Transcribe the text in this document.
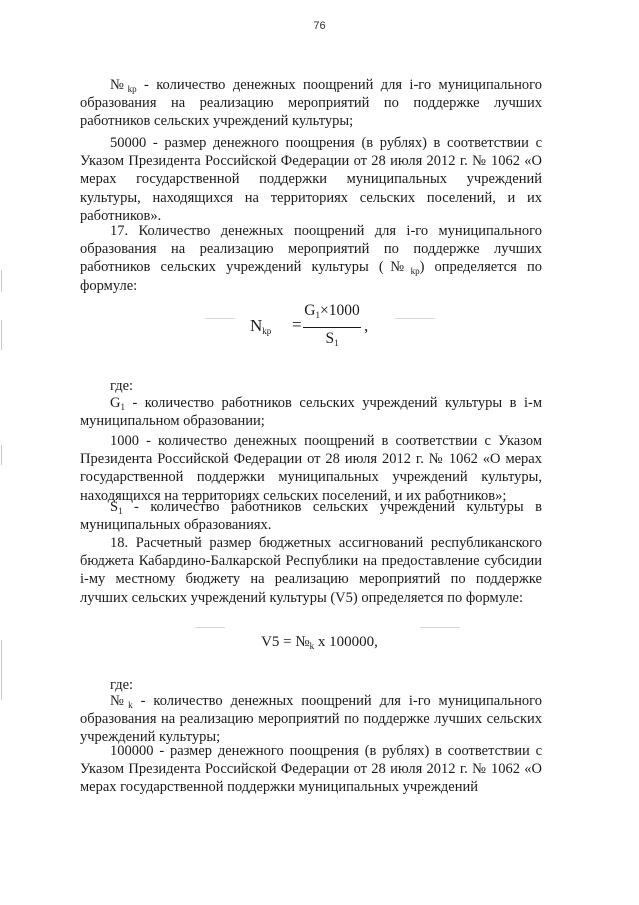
76
$№_{kp}$ - количество денежных поощрений для i-го муниципального образования на реализацию мероприятий по поддержке лучших работников сельских учреждений культуры;
50000 - размер денежного поощрения (в рублях) в соответствии с Указом Президента Российской Федерации от 28 июля 2012 г. № 1062 «О мерах государственной поддержки муниципальных учреждений культуры, находящихся на территориях сельских поселений, и их работников».
17. Количество денежных поощрений для i-го муниципального образования на реализацию мероприятий по поддержке лучших работников сельских учреждений культуры $(№_{kp})$ определяется по формуле:
$N_{kp}$ =
$G_1\times 1000$
$S_1$
,
где:
$G_1$ - количество работников сельских учреждений культуры в i-м муниципальном образовании;
1000 - количество денежных поощрений в соответствии с Указом Президента Российской Федерации от 28 июля 2012 г. № 1062 «О мерах государственной поддержки муниципальных учреждений культуры, находящихся на территориях сельских поселений, и их работников»;
$S_1$ - количество работников сельских учреждений культуры в муниципальных образованиях.
18. Расчетный размер бюджетных ассигнований республиканского бюджета Кабардино-Балкарской Республики на предоставление субсидии i-му местному бюджету на реализацию мероприятий по поддержке лучших сельских учреждений культуры (V5) определяется по формуле:
$V5 = №_k$ x 100000,
где:
$№_k$ - количество денежных поощрений для i-го муниципального образования на реализацию мероприятий по поддержке лучших сельских учреждений культуры;
100000 - размер денежного поощрения (в рублях) в соответствии с Указом Президента Российской Федерации от 28 июля 2012 г. № 1062 «О мерах государственной поддержки муниципальных учреждений
